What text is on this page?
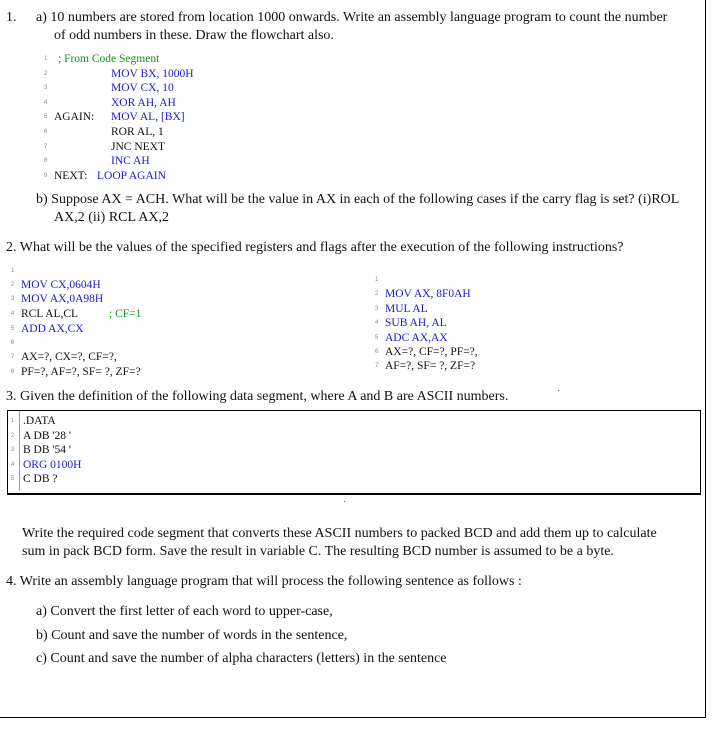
1. a) 10 numbers are stored from location 1000 onwards. Write an assembly language program to count the number
of odd numbers in these. Draw the flowchart also.
1
2
3
4
5
6
7
8
9
; From Code Segment
MOV BX, 1000H
MOV CX, 10
XOR AH, AH
AGAIN: MOV AL, [BX]
ROR AL, 1
JNC NEXT
INC AH
NEXT: LOOP AGAIN
b) Suppose AX = ACH. What will be the value in AX in each of the following cases if the carry flag is set? (i)ROL
AX,2 (ii) RCL AX,2
2. What will be the values of the specified registers and flags after the execution of the following instructions?
1
2
3
4
5
6
7
8
MOV CX,0604H
MOV AX,0A98H
RCL AL,CL	; CF=1
ADD AX,CX
AX=?, CX=?, CF=?,
PF=?, AF=?, SF= ?, ZF=?
1
2
3
4
5
6
7
MOV AX, 8F0AH
MUL AL
SUB AH, AL
ADC AX,AX
AX=?, CF=?, PF=?,
AF=?, SF= ?, ZF=?
3. Given the definition of the following data segment, where A and B are ASCII numbers.	·
1
2
3
4
5
.DATA
A DB '28 '
B DB '54 '
ORG 0100H
C DB ?
·
Write the required code segment that converts these ASCII numbers to packed BCD and add them up to calculate
sum in pack BCD form. Save the result in variable C. The resulting BCD number is assumed to be a byte.
4. Write an assembly language program that will process the following sentence as follows :
a) Convert the first letter of each word to upper-case,
b) Count and save the number of words in the sentence,
c) Count and save the number of alpha characters (letters) in the sentence
